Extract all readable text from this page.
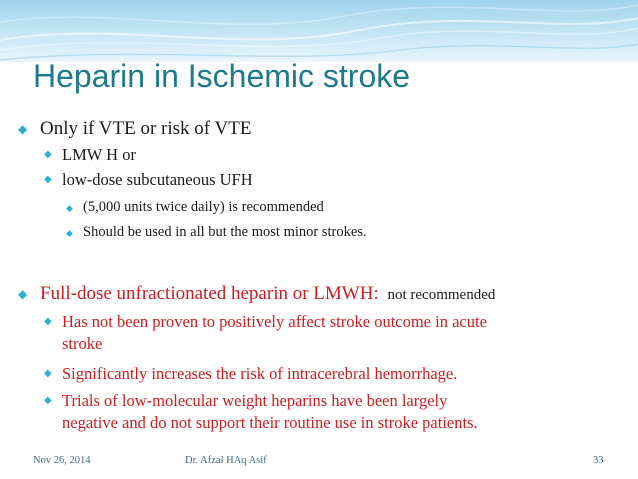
Heparin in Ischemic stroke
◆ Only if VTE or risk of VTE
◆ LMW H or
◆ low-dose subcutaneous UFH
◆ (5,000 units twice daily) is recommended
◆ Should be used in all but the most minor strokes.
◆ Full-dose unfractionated heparin or LMWH: not recommended
◆ Has not been proven to positively affect stroke outcome in acute
stroke
◆ Significantly increases the risk of intracerebral hemorrhage.
◆ Trials of low-molecular weight heparins have been largely
negative and do not support their routine use in stroke patients.
Nov 26, 2014	Dr. Afzal HAq Asif	33
